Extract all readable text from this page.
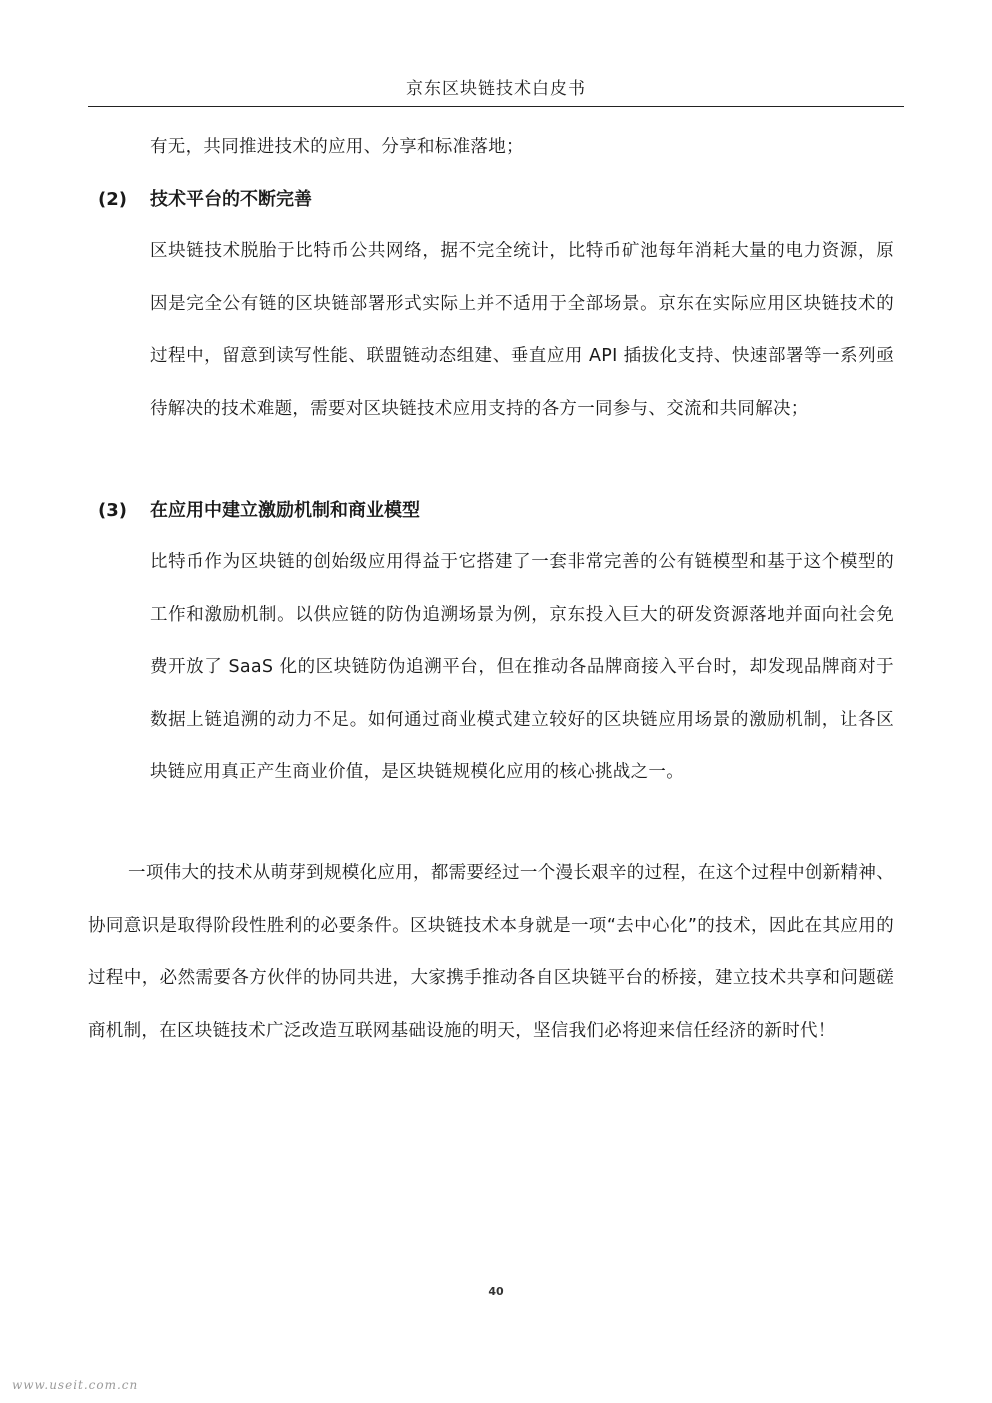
京东区块链技术白皮书

有无，共同推进技术的应用、分享和标准落地；

(2) 技术平台的不断完善

区块链技术脱胎于比特币公共网络，据不完全统计，比特币矿池每年消耗大量的电力资源，原因是完全公有链的区块链部署形式实际上并不适用于全部场景。京东在实际应用区块链技术的过程中，留意到读写性能、联盟链动态组建、垂直应用 API 插拔化支持、快速部署等一系列亟待解决的技术难题，需要对区块链技术应用支持的各方一同参与、交流和共同解决；

(3) 在应用中建立激励机制和商业模型

比特币作为区块链的创始级应用得益于它搭建了一套非常完善的公有链模型和基于这个模型的工作和激励机制。以供应链的防伪追溯场景为例，京东投入巨大的研发资源落地并面向社会免费开放了 SaaS 化的区块链防伪追溯平台，但在推动各品牌商接入平台时，却发现品牌商对于数据上链追溯的动力不足。如何通过商业模式建立较好的区块链应用场景的激励机制，让各区块链应用真正产生商业价值，是区块链规模化应用的核心挑战之一。

一项伟大的技术从萌芽到规模化应用，都需要经过一个漫长艰辛的过程，在这个过程中创新精神、协同意识是取得阶段性胜利的必要条件。区块链技术本身就是一项“去中心化”的技术，因此在其应用的过程中，必然需要各方伙伴的协同共进，大家携手推动各自区块链平台的桥接，建立技术共享和问题磋商机制，在区块链技术广泛改造互联网基础设施的明天，坚信我们必将迎来信任经济的新时代！

40
www.useit.com.cn
